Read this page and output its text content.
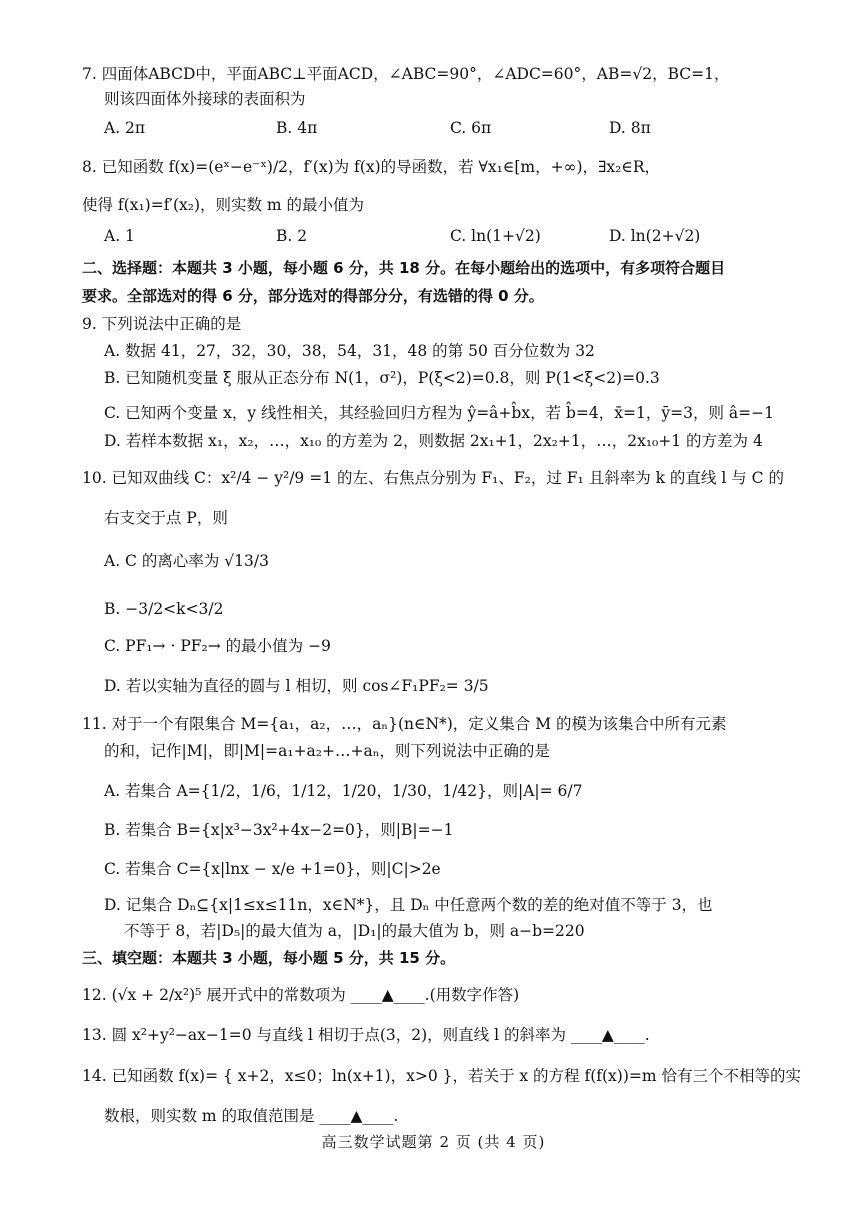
7. 四面体ABCD中，平面ABC⊥平面ACD，∠ABC=90°，∠ADC=60°，AB=√2，BC=1，
则该四面体外接球的表面积为
A. 2π	B. 4π	C. 6π	D. 8π
8. 已知函数 f(x)=(eˣ−e⁻ˣ)/2，f′(x)为 f(x)的导函数，若 ∀x₁∈[m，+∞)，∃x₂∈R，
使得 f(x₁)=f′(x₂)，则实数 m 的最小值为
A. 1	B. 2	C. ln(1+√2)	D. ln(2+√2)
二、选择题：本题共 3 小题，每小题 6 分，共 18 分。在每小题给出的选项中，有多项符合题目
要求。全部选对的得 6 分，部分选对的得部分分，有选错的得 0 分。
9. 下列说法中正确的是
A. 数据 41，27，32，30，38，54，31，48 的第 50 百分位数为 32
B. 已知随机变量 ξ 服从正态分布 N(1，σ²)，P(ξ<2)=0.8，则 P(1<ξ<2)=0.3
C. 已知两个变量 x，y 线性相关，其经验回归方程为 ŷ=â+b̂x，若 b̂=4，x̄=1，ȳ=3，则 â=−1
D. 若样本数据 x₁，x₂，…，x₁₀ 的方差为 2，则数据 2x₁+1，2x₂+1，…，2x₁₀+1 的方差为 4
10. 已知双曲线 C：x²/4 − y²/9 =1 的左、右焦点分别为 F₁、F₂，过 F₁ 且斜率为 k 的直线 l 与 C 的
右支交于点 P，则
A. C 的离心率为 √13/3
B. −3/2<k<3/2
C. PF₁→ · PF₂→ 的最小值为 −9
D. 若以实轴为直径的圆与 l 相切，则 cos∠F₁PF₂= 3/5
11. 对于一个有限集合 M={a₁，a₂，…，aₙ}(n∈N*)，定义集合 M 的模为该集合中所有元素
的和，记作|M|，即|M|=a₁+a₂+…+aₙ，则下列说法中正确的是
A. 若集合 A={1/2，1/6，1/12，1/20，1/30，1/42}，则|A|= 6/7
B. 若集合 B={x|x³−3x²+4x−2=0}，则|B|=−1
C. 若集合 C={x|lnx − x/e +1=0}，则|C|>2e
D. 记集合 Dₙ⊆{x|1≤x≤11n，x∈N*}，且 Dₙ 中任意两个数的差的绝对值不等于 3，也
不等于 8，若|D₅|的最大值为 a，|D₁|的最大值为 b，则 a−b=220
三、填空题：本题共 3 小题，每小题 5 分，共 15 分。
12. (√x + 2/x²)⁵ 展开式中的常数项为 ____▲____.(用数字作答)
13. 圆 x²+y²−ax−1=0 与直线 l 相切于点(3，2)，则直线 l 的斜率为 ____▲____.
14. 已知函数 f(x)= { x+2，x≤0；ln(x+1)，x>0 }，若关于 x 的方程 f(f(x))=m 恰有三个不相等的实
数根，则实数 m 的取值范围是 ____▲____.
高三数学试题第 2 页 (共 4 页)
